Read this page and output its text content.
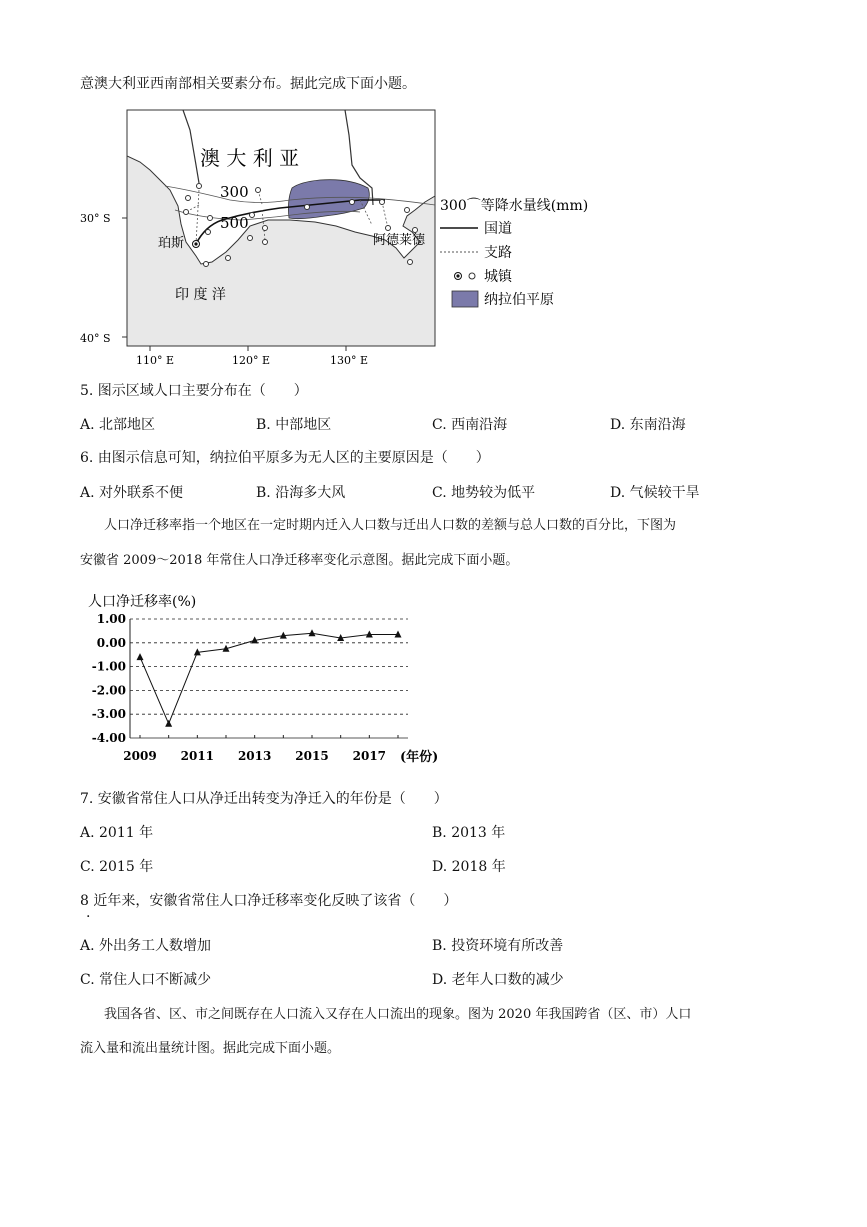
意澳大利亚西南部相关要素分布。据此完成下面小题。
澳 大 利 亚
300
500
珀斯	阿德莱德
印 度 洋
30° S
40° S
110° E	120° E	130° E
300⌒等降水量线(mm)
国道
支路
城镇
纳拉伯平原
5. 图示区域人口主要分布在（　　）
A. 北部地区	B. 中部地区	C. 西南沿海	D. 东南沿海
6. 由图示信息可知，纳拉伯平原多为无人区的主要原因是（　　）
A. 对外联系不便	B. 沿海多大风	C. 地势较为低平	D. 气候较干旱
人口净迁移率指一个地区在一定时期内迁入人口数与迁出人口数的差额与总人口数的百分比，下图为
安徽省 2009～2018 年常住人口净迁移率变化示意图。据此完成下面小题。
人口净迁移率(%)
1.00
0.00
-1.00
-2.00
-3.00
-4.00
2009 2011 2013 2015 2017 (年份)
7. 安徽省常住人口从净迁出转变为净迁入的年份是（　　）
A. 2011 年	B. 2013 年
C. 2015 年	D. 2018 年
8 近年来，安徽省常住人口净迁移率变化反映了该省（　　）
.
A. 外出务工人数增加	B. 投资环境有所改善
C. 常住人口不断减少	D. 老年人口数的减少
我国各省、区、市之间既存在人口流入又存在人口流出的现象。图为 2020 年我国跨省（区、市）人口
流入量和流出量统计图。据此完成下面小题。
